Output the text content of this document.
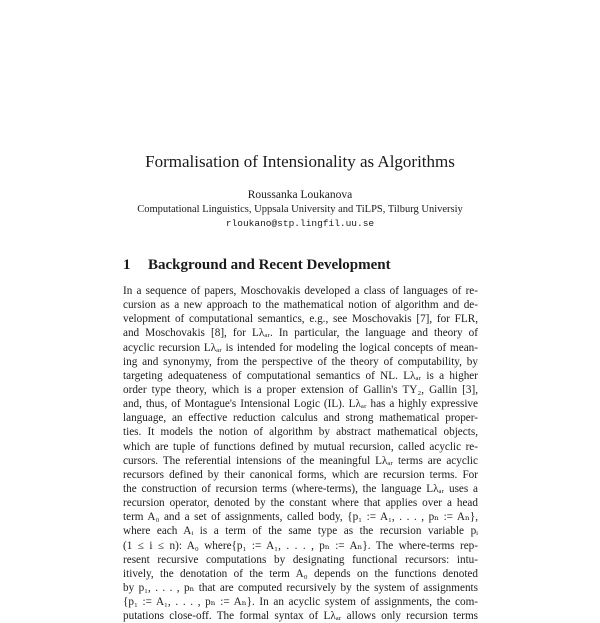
Formalisation of Intensionality as Algorithms
Roussanka Loukanova
Computational Linguistics, Uppsala University and TiLPS, Tilburg Universiy
rloukano@stp.lingfil.uu.se
1 Background and Recent Development
In a sequence of papers, Moschovakis developed a class of languages of re-
cursion as a new approach to the mathematical notion of algorithm and de-
velopment of computational semantics, e.g., see Moschovakis [7], for FLR,
and Moschovakis [8], for Lλₐᵣ. In particular, the language and theory of
acyclic recursion Lλₐᵣ is intended for modeling the logical concepts of mean-
ing and synonymy, from the perspective of the theory of computability, by
targeting adequateness of computational semantics of NL. Lλₐᵣ is a higher
order type theory, which is a proper extension of Gallin's TY₂, Gallin [3],
and, thus, of Montague's Intensional Logic (IL). Lλₐᵣ has a highly expressive
language, an effective reduction calculus and strong mathematical proper-
ties. It models the notion of algorithm by abstract mathematical objects,
which are tuple of functions defined by mutual recursion, called acyclic re-
cursors. The referential intensions of the meaningful Lλₐᵣ terms are acyclic
recursors defined by their canonical forms, which are recursion terms. For
the construction of recursion terms (where-terms), the language Lλₐᵣ uses a
recursion operator, denoted by the constant where that applies over a head
term A₀ and a set of assignments, called body, {p₁ := A₁, . . . , pₙ := Aₙ},
where each Aᵢ is a term of the same type as the recursion variable pᵢ
(1 ≤ i ≤ n): A₀ where{p₁ := A₁, . . . , pₙ := Aₙ}. The where-terms rep-
resent recursive computations by designating functional recursors: intu-
itively, the denotation of the term A₀ depends on the functions denoted
by p₁, . . . , pₙ that are computed recursively by the system of assignments
{p₁ := A₁, . . . , pₙ := Aₙ}. In an acyclic system of assignments, the com-
putations close-off. The formal syntax of Lλₐᵣ allows only recursion terms
